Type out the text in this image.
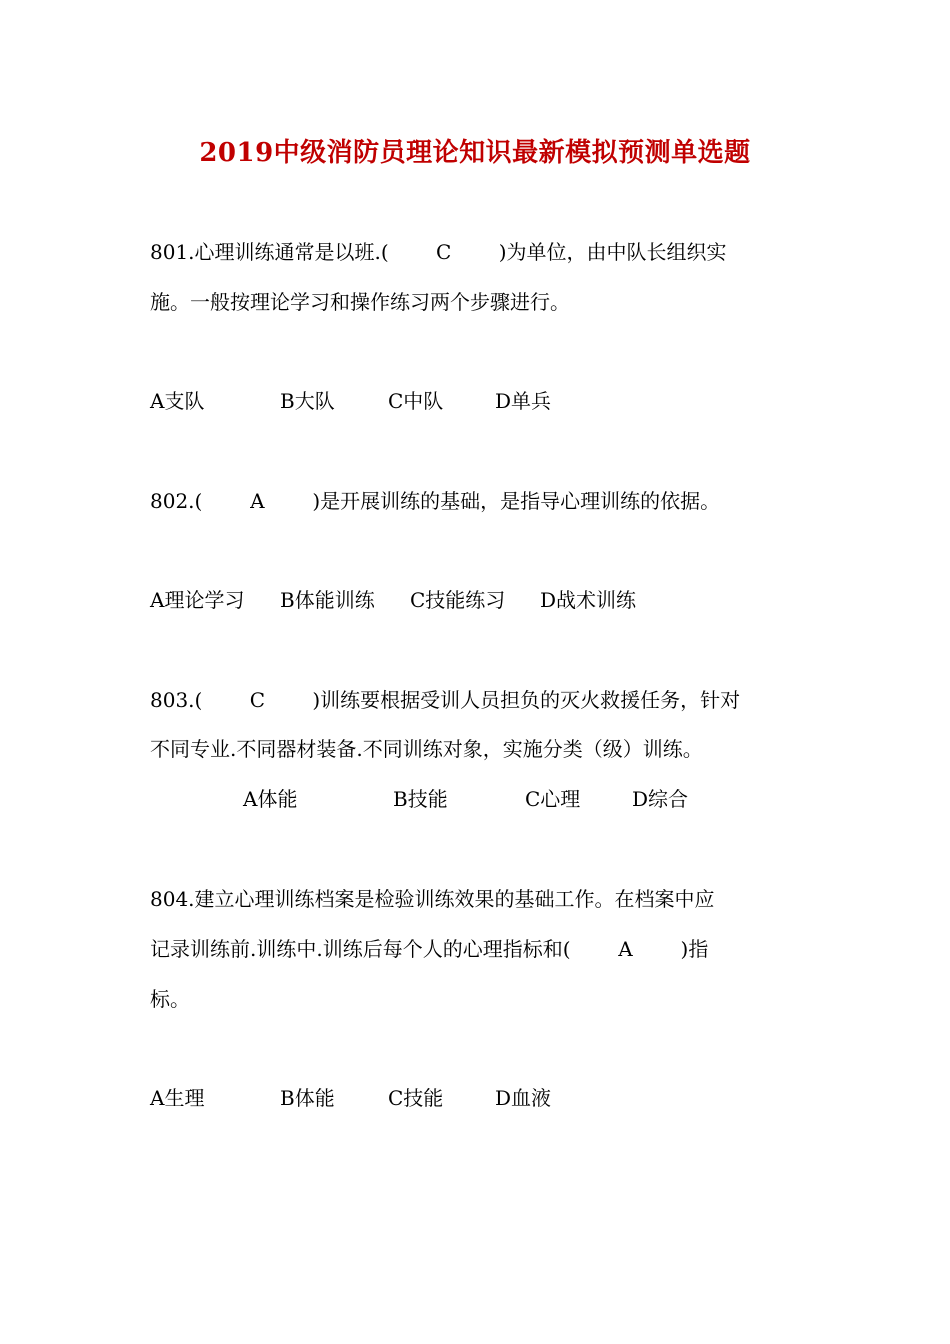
2019中级消防员理论知识最新模拟预测单选题
801.心理训练通常是以班.( C )为单位，由中队长组织实
施。一般按理论学习和操作练习两个步骤进行。
A支队	B大队	C中队	D单兵
802.( A )是开展训练的基础，是指导心理训练的依据。
A理论学习 B体能训练 C技能练习 D战术训练
803.( C )训练要根据受训人员担负的灭火救援任务，针对
不同专业.不同器材装备.不同训练对象，实施分类（级）训练。
A体能	B技能	C心理	D综合
804.建立心理训练档案是检验训练效果的基础工作。在档案中应
记录训练前.训练中.训练后每个人的心理指标和( A )指
标。
A生理	B体能	C技能	D血液
